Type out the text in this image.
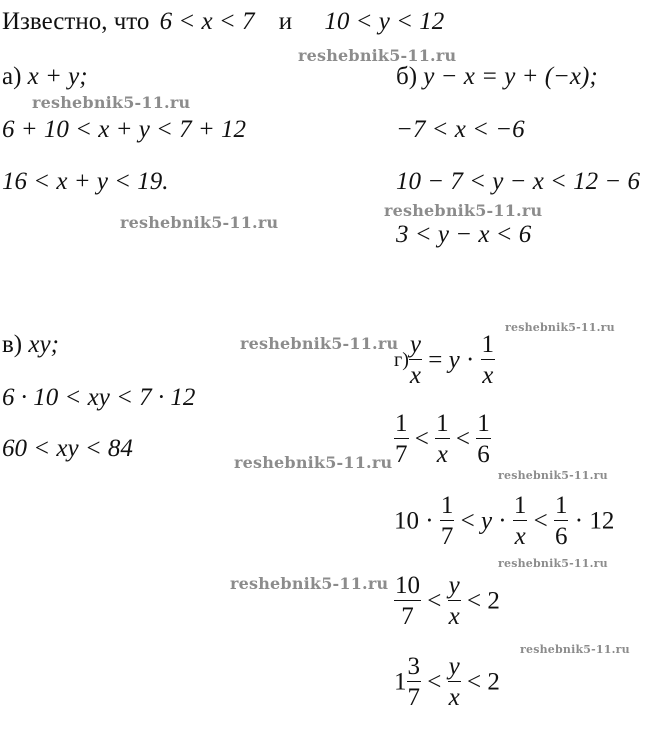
Известно, что 6 < x < 7 и 10 < y < 12
а) x + y;
6 + 10 < x + y < 7 + 12
16 < x + y < 19.
б) y − x = y + (−x);
−7 < x < −6
10 − 7 < y − x < 12 − 6
3 < y − x < 6
в) xy;
6 · 10 < xy < 7 · 12
60 < xy < 84
$г) \frac{y}{x} = y \cdot \frac{1}{x}$
$\frac{1}{7} < \frac{1}{x} < \frac{1}{6}$
$10 \cdot \frac{1}{7} < y \cdot \frac{1}{x} < \frac{1}{6} \cdot 12$
$\frac{10}{7} < \frac{y}{x} < 2$
$1 \frac{3}{7} < \frac{y}{x} < 2$
reshebnik5-11.ru
reshebnik5-11.ru
reshebnik5-11.ru
reshebnik5-11.ru
reshebnik5-11.ru
reshebnik5-11.ru
reshebnik5-11.ru
reshebnik5-11.ru
reshebnik5-11.ru
reshebnik5-11.ru
reshebnik5-11.ru
